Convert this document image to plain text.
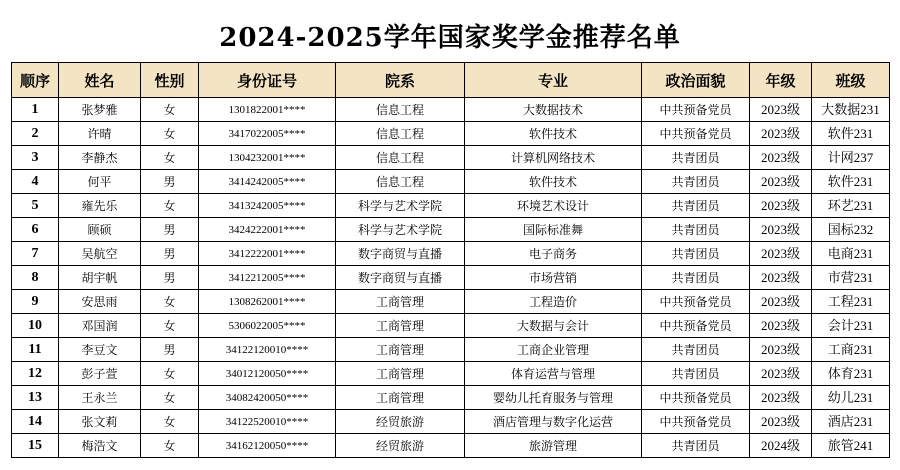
2024-2025学年国家奖学金推荐名单
顺序	姓名	性别	身份证号	院系	专业	政治面貌	年级	班级
1	张梦雅	女	1301822001****	信息工程	大数据技术	中共预备党员	2023级	大数据231
2	许晴	女	3417022005****	信息工程	软件技术	中共预备党员	2023级	软件231
3	李静杰	女	1304232001****	信息工程	计算机网络技术	共青团员	2023级	计网237
4	何平	男	3414242005****	信息工程	软件技术	共青团员	2023级	软件231
5	雍先乐	女	3413242005****	科学与艺术学院	环境艺术设计	共青团员	2023级	环艺231
6	顾硕	男	3424222001****	科学与艺术学院	国际标准舞	共青团员	2023级	国标232
7	吴航空	男	3412222001****	数字商贸与直播	电子商务	共青团员	2023级	电商231
8	胡宇帆	男	3412212005****	数字商贸与直播	市场营销	共青团员	2023级	市营231
9	安思雨	女	1308262001****	工商管理	工程造价	中共预备党员	2023级	工程231
10	邓国润	女	5306022005****	工商管理	大数据与会计	中共预备党员	2023级	会计231
11	李豆文	男	34122120010****	工商管理	工商企业管理	共青团员	2023级	工商231
12	彭子萱	女	34012120050****	工商管理	体育运营与管理	共青团员	2023级	体育231
13	王永兰	女	34082420050****	工商管理	婴幼儿托育服务与管理	中共预备党员	2023级	幼儿231
14	张文莉	女	34122520010****	经贸旅游	酒店管理与数字化运营	中共预备党员	2023级	酒店231
15	梅浩文	女	34162120050****	经贸旅游	旅游管理	共青团员	2024级	旅管241
